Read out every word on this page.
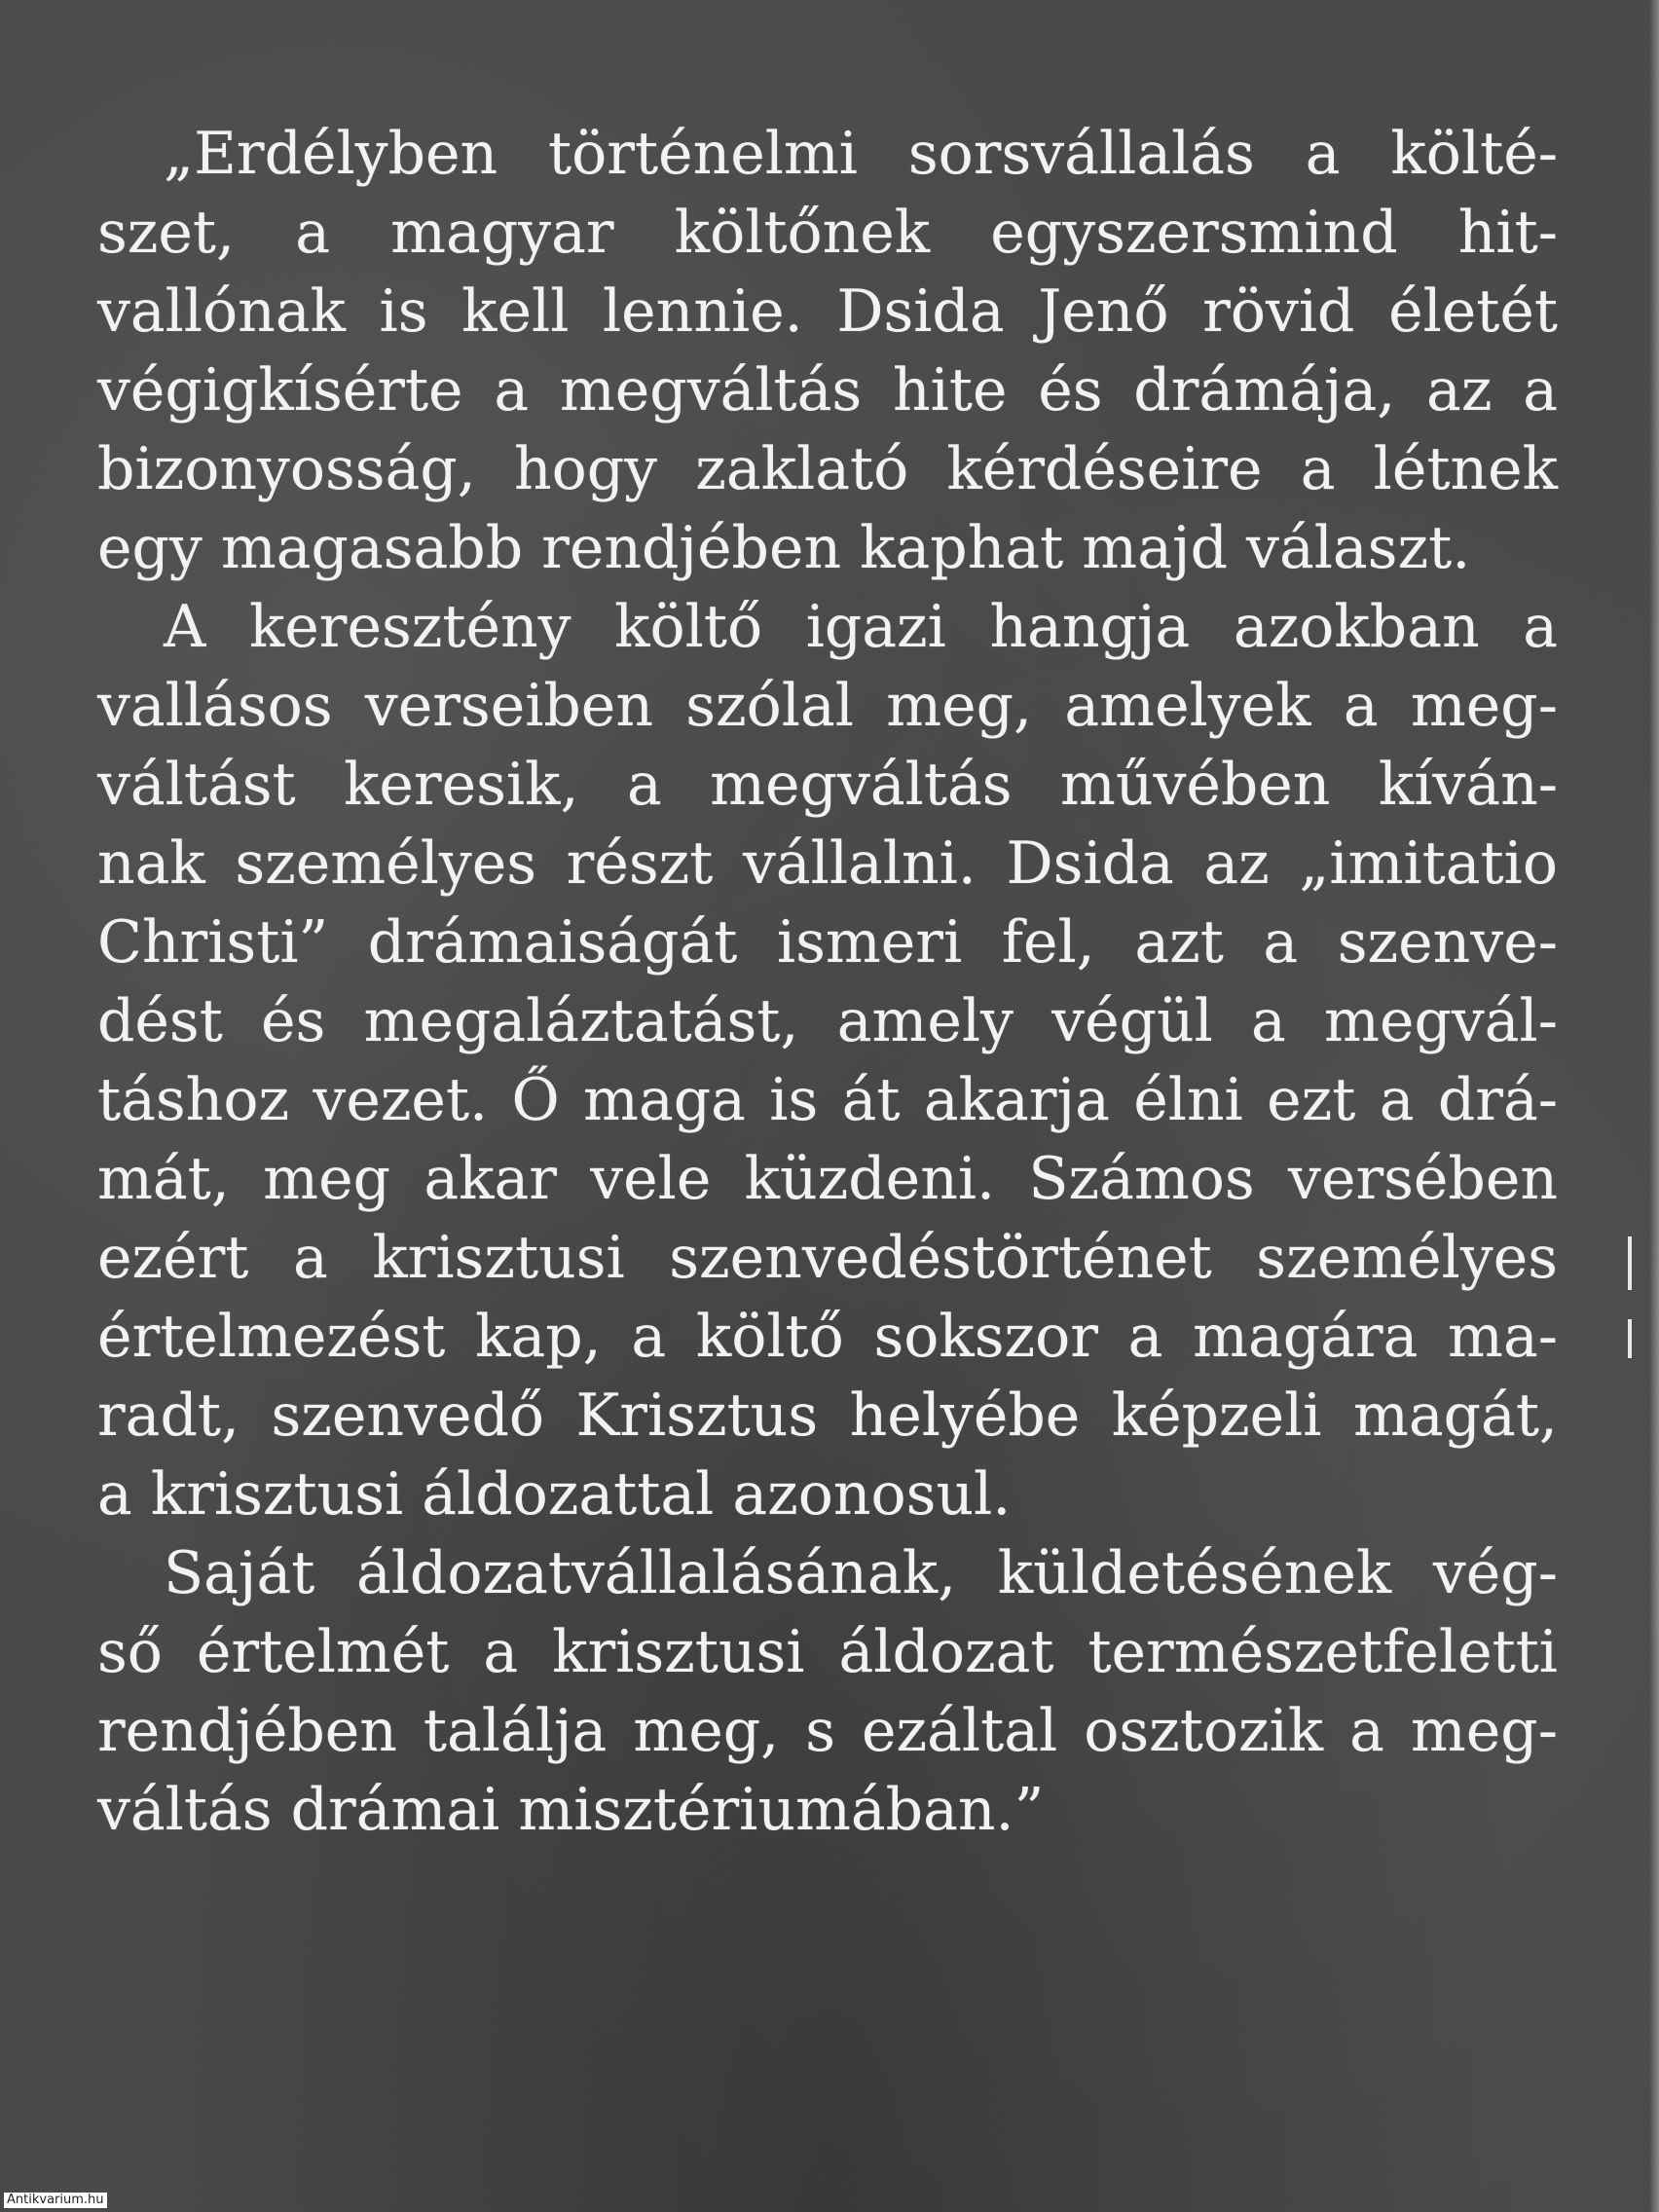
„Erdélyben történelmi sorsvállalás a költé-
szet, a magyar költőnek egyszersmind hit-
vallónak is kell lennie. Dsida Jenő rövid életét
végigkísérte a megváltás hite és drámája, az a
bizonyosság, hogy zaklató kérdéseire a létnek
egy magasabb rendjében kaphat majd választ.
A keresztény költő igazi hangja azokban a
vallásos verseiben szólal meg, amelyek a meg-
váltást keresik, a megváltás művében kíván-
nak személyes részt vállalni. Dsida az „imitatio
Christi” drámaiságát ismeri fel, azt a szenve-
dést és megaláztatást, amely végül a megvál-
táshoz vezet. Ő maga is át akarja élni ezt a drá-
mát, meg akar vele küzdeni. Számos versében
ezért a krisztusi szenvedéstörténet személyes
értelmezést kap, a költő sokszor a magára ma-
radt, szenvedő Krisztus helyébe képzeli magát,
a krisztusi áldozattal azonosul.
Saját áldozatvállalásának, küldetésének vég-
ső értelmét a krisztusi áldozat természetfeletti
rendjében találja meg, s ezáltal osztozik a meg-
váltás drámai misztériumában.”
Antikvarium.hu
